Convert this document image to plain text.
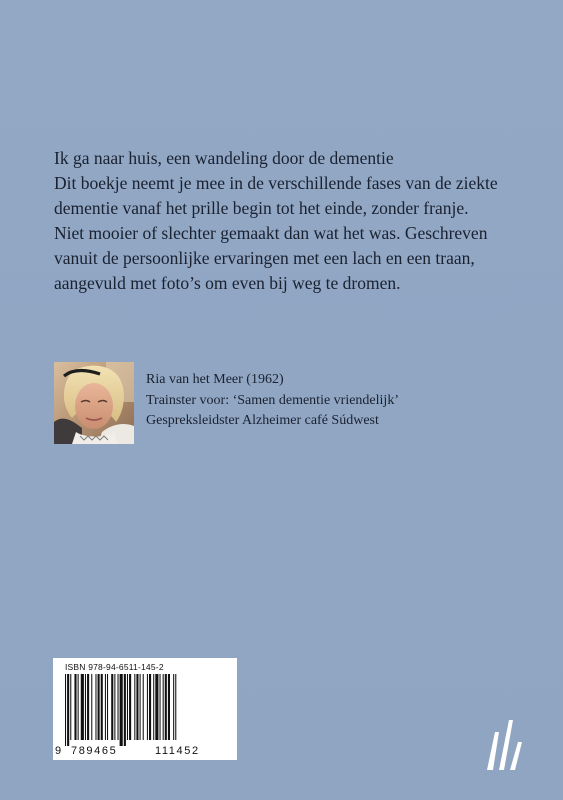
Ik ga naar huis, een wandeling door de dementie
Dit boekje neemt je mee in de verschillende fases van de ziekte
dementie vanaf het prille begin tot het einde, zonder franje.
Niet mooier of slechter gemaakt dan wat het was. Geschreven
vanuit de persoonlijke ervaringen met een lach en een traan,
aangevuld met foto’s om even bij weg te dromen.
Ria van het Meer (1962)
Trainster voor: ‘Samen dementie vriendelijk’
Gespreksleidster Alzheimer café Súdwest
ISBN 978-94-6511-145-2
9 789465	111452
